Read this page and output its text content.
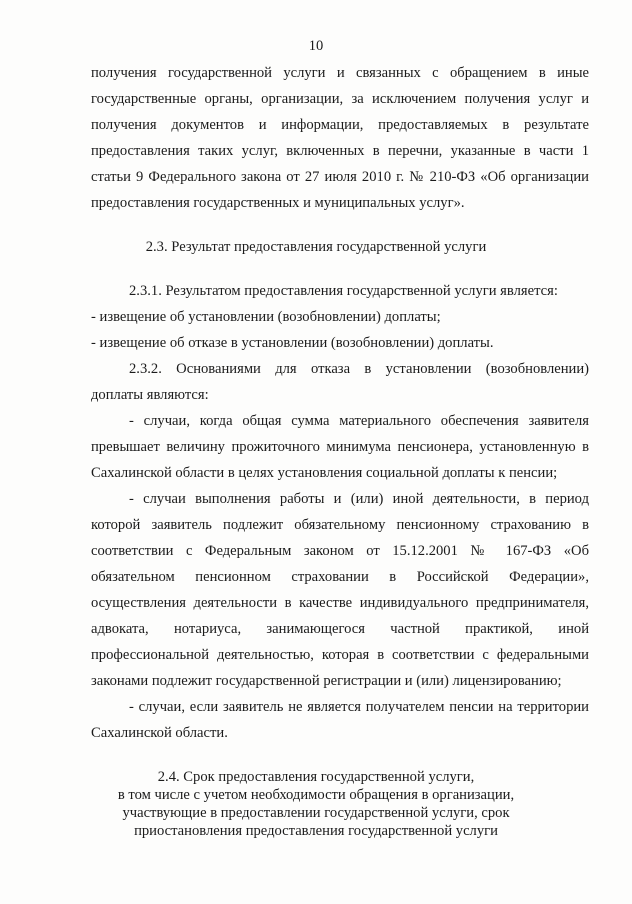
10
получения государственной услуги и связанных с обращением в иные
государственные органы, организации, за исключением получения услуг и
получения документов и информации, предоставляемых в результате
предоставления таких услуг, включенных в перечни, указанные в части 1
статьи 9 Федерального закона от 27 июля 2010 г. № 210-ФЗ «Об организации
предоставления государственных и муниципальных услуг».
2.3. Результат предоставления государственной услуги
2.3.1. Результатом предоставления государственной услуги является:
- извещение об установлении (возобновлении) доплаты;
- извещение об отказе в установлении (возобновлении) доплаты.
2.3.2. Основаниями для отказа в установлении (возобновлении)
доплаты являются:
- случаи, когда общая сумма материального обеспечения заявителя
превышает величину прожиточного минимума пенсионера, установленную в
Сахалинской области в целях установления социальной доплаты к пенсии;
- случаи выполнения работы и (или) иной деятельности, в период
которой заявитель подлежит обязательному пенсионному страхованию в
соответствии с Федеральным законом от 15.12.2001 № 167-ФЗ «Об
обязательном пенсионном страховании в Российской Федерации»,
осуществления деятельности в качестве индивидуального предпринимателя,
адвоката, нотариуса, занимающегося частной практикой, иной
профессиональной деятельностью, которая в соответствии с федеральными
законами подлежит государственной регистрации и (или) лицензированию;
- случаи, если заявитель не является получателем пенсии на территории
Сахалинской области.
2.4. Срок предоставления государственной услуги,
в том числе с учетом необходимости обращения в организации,
участвующие в предоставлении государственной услуги, срок
приостановления предоставления государственной услуги
